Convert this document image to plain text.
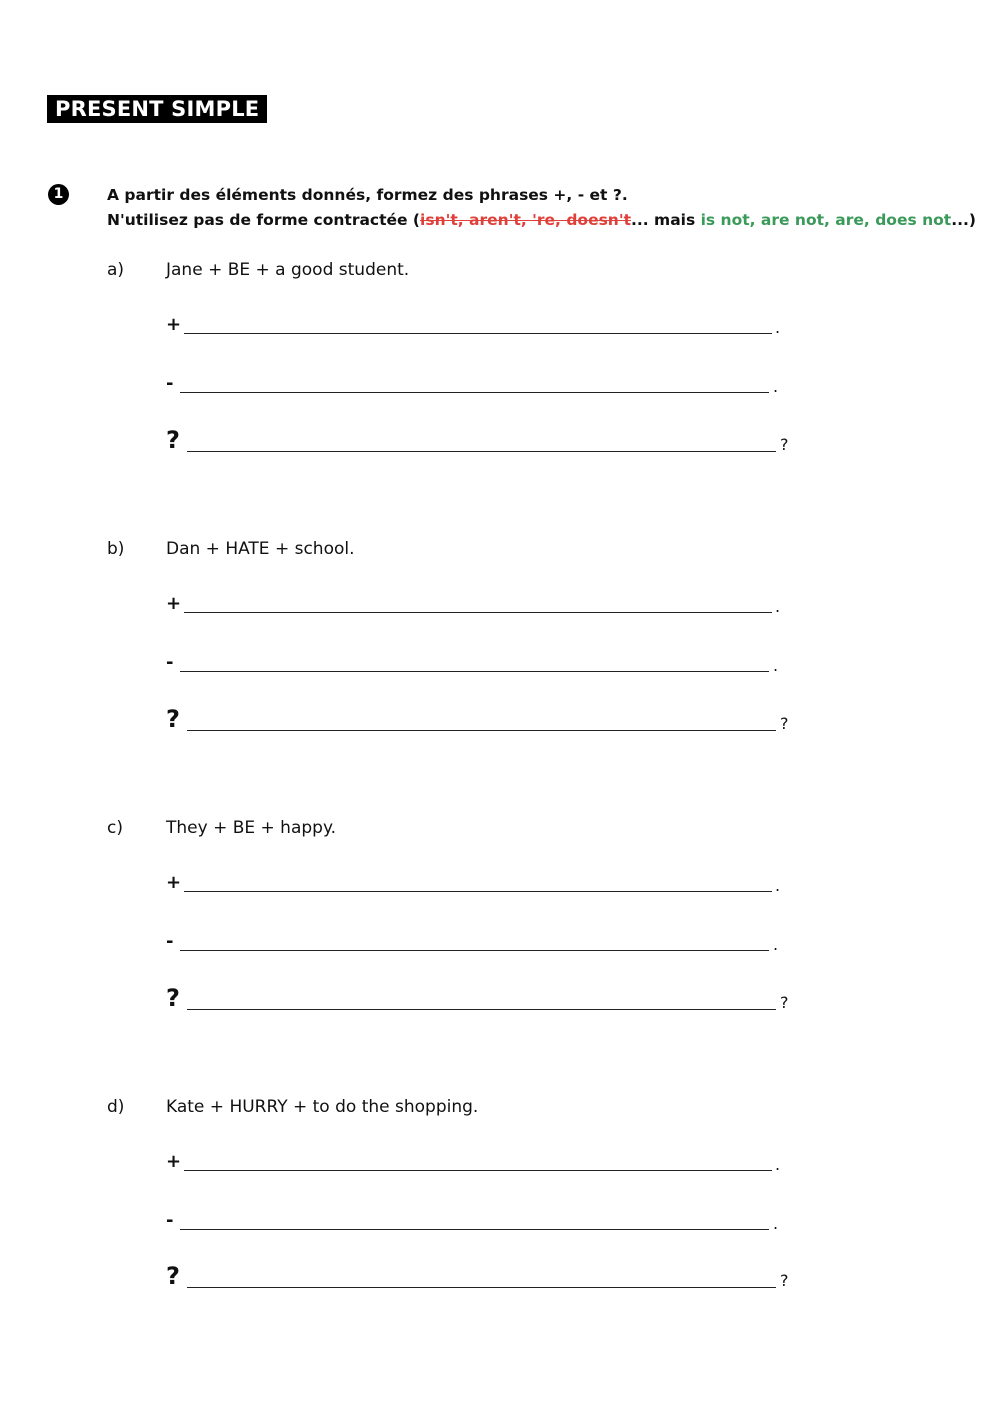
PRESENT SIMPLE
1	A partir des éléments donnés, formez des phrases +, - et ?.
N'utilisez pas de forme contractée (isn't, aren't, 're, doesn't... mais is not, are not, are, does not...)
a) Jane + BE + a good student.
+	.
-	.
?	?
b) Dan + HATE + school.
+	.
-	.
?	?
c)	They + BE + happy.
+	.
-	.
?	?
d) Kate + HURRY + to do the shopping.
+	.
-	.
?	?
